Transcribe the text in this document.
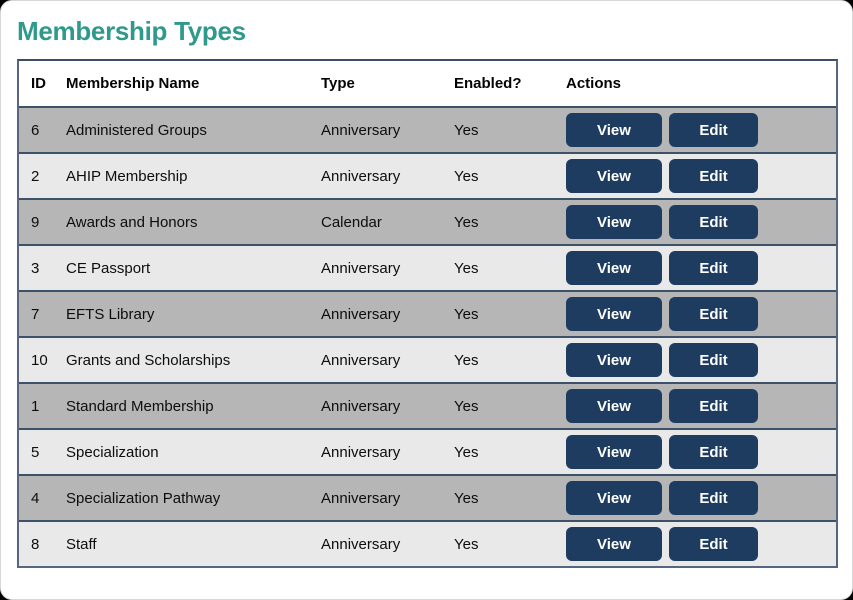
Membership Types
ID	Membership Name	Type	Enabled?	Actions
6	Administered Groups	Anniversary	Yes	View	Edit
2	AHIP Membership	Anniversary	Yes	View	Edit
9	Awards and Honors	Calendar	Yes	View	Edit
3	CE Passport	Anniversary	Yes	View	Edit
7	EFTS Library	Anniversary	Yes	View	Edit
10	Grants and Scholarships	Anniversary	Yes	View	Edit
1	Standard Membership	Anniversary	Yes	View	Edit
5	Specialization	Anniversary	Yes	View	Edit
4	Specialization Pathway	Anniversary	Yes	View	Edit
8	Staff	Anniversary	Yes	View	Edit
